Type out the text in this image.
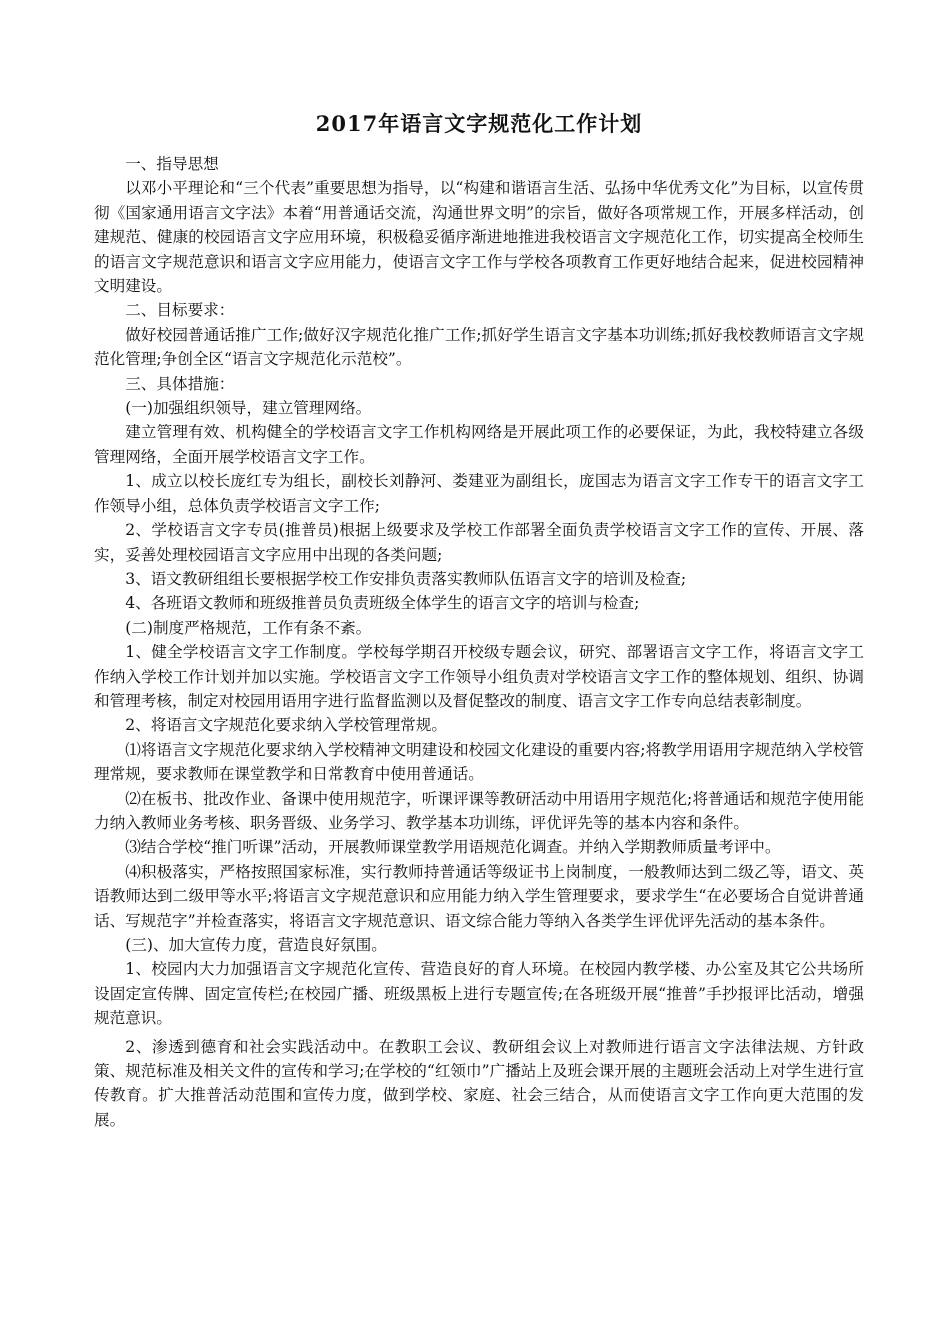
2017年语言文字规范化工作计划

一、指导思想

以邓小平理论和“三个代表”重要思想为指导，以“构建和谐语言生活、弘扬中华优秀文化”为目标，以宣传贯彻《国家通用语言文字法》本着“用普通话交流，沟通世界文明”的宗旨，做好各项常规工作，开展多样活动，创建规范、健康的校园语言文字应用环境，积极稳妥循序渐进地推进我校语言文字规范化工作，切实提高全校师生的语言文字规范意识和语言文字应用能力，使语言文字工作与学校各项教育工作更好地结合起来，促进校园精神文明建设。

二、目标要求：

做好校园普通话推广工作;做好汉字规范化推广工作;抓好学生语言文字基本功训练;抓好我校教师语言文字规范化管理;争创全区“语言文字规范化示范校”。

三、具体措施：

(一)加强组织领导，建立管理网络。

建立管理有效、机构健全的学校语言文字工作机构网络是开展此项工作的必要保证，为此，我校特建立各级管理网络，全面开展学校语言文字工作。

1、成立以校长庞红专为组长，副校长刘静河、娄建亚为副组长，庞国志为语言文字工作专干的语言文字工作领导小组，总体负责学校语言文字工作;

2、学校语言文字专员(推普员)根据上级要求及学校工作部署全面负责学校语言文字工作的宣传、开展、落实，妥善处理校园语言文字应用中出现的各类问题;

3、语文教研组组长要根据学校工作安排负责落实教师队伍语言文字的培训及检查;

4、各班语文教师和班级推普员负责班级全体学生的语言文字的培训与检查;

(二)制度严格规范，工作有条不紊。

1、健全学校语言文字工作制度。学校每学期召开校级专题会议，研究、部署语言文字工作，将语言文字工作纳入学校工作计划并加以实施。学校语言文字工作领导小组负责对学校语言文字工作的整体规划、组织、协调和管理考核，制定对校园用语用字进行监督监测以及督促整改的制度、语言文字工作专向总结表彰制度。

2、将语言文字规范化要求纳入学校管理常规。

⑴将语言文字规范化要求纳入学校精神文明建设和校园文化建设的重要内容;将教学用语用字规范纳入学校管理常规，要求教师在课堂教学和日常教育中使用普通话。

⑵在板书、批改作业、备课中使用规范字，听课评课等教研活动中用语用字规范化;将普通话和规范字使用能力纳入教师业务考核、职务晋级、业务学习、教学基本功训练，评优评先等的基本内容和条件。

⑶结合学校“推门听课”活动，开展教师课堂教学用语规范化调查。并纳入学期教师质量考评中。

⑷积极落实，严格按照国家标准，实行教师持普通话等级证书上岗制度，一般教师达到二级乙等，语文、英语教师达到二级甲等水平;将语言文字规范意识和应用能力纳入学生管理要求，要求学生“在必要场合自觉讲普通话、写规范字”并检查落实，将语言文字规范意识、语文综合能力等纳入各类学生评优评先活动的基本条件。

(三)、加大宣传力度，营造良好氛围。

1、校园内大力加强语言文字规范化宣传、营造良好的育人环境。在校园内教学楼、办公室及其它公共场所设固定宣传牌、固定宣传栏;在校园广播、班级黑板上进行专题宣传;在各班级开展“推普”手抄报评比活动，增强规范意识。

2、渗透到德育和社会实践活动中。在教职工会议、教研组会议上对教师进行语言文字法律法规、方针政策、规范标准及相关文件的宣传和学习;在学校的“红领巾”广播站上及班会课开展的主题班会活动上对学生进行宣传教育。扩大推普活动范围和宣传力度，做到学校、家庭、社会三结合，从而使语言文字工作向更大范围的发展。
